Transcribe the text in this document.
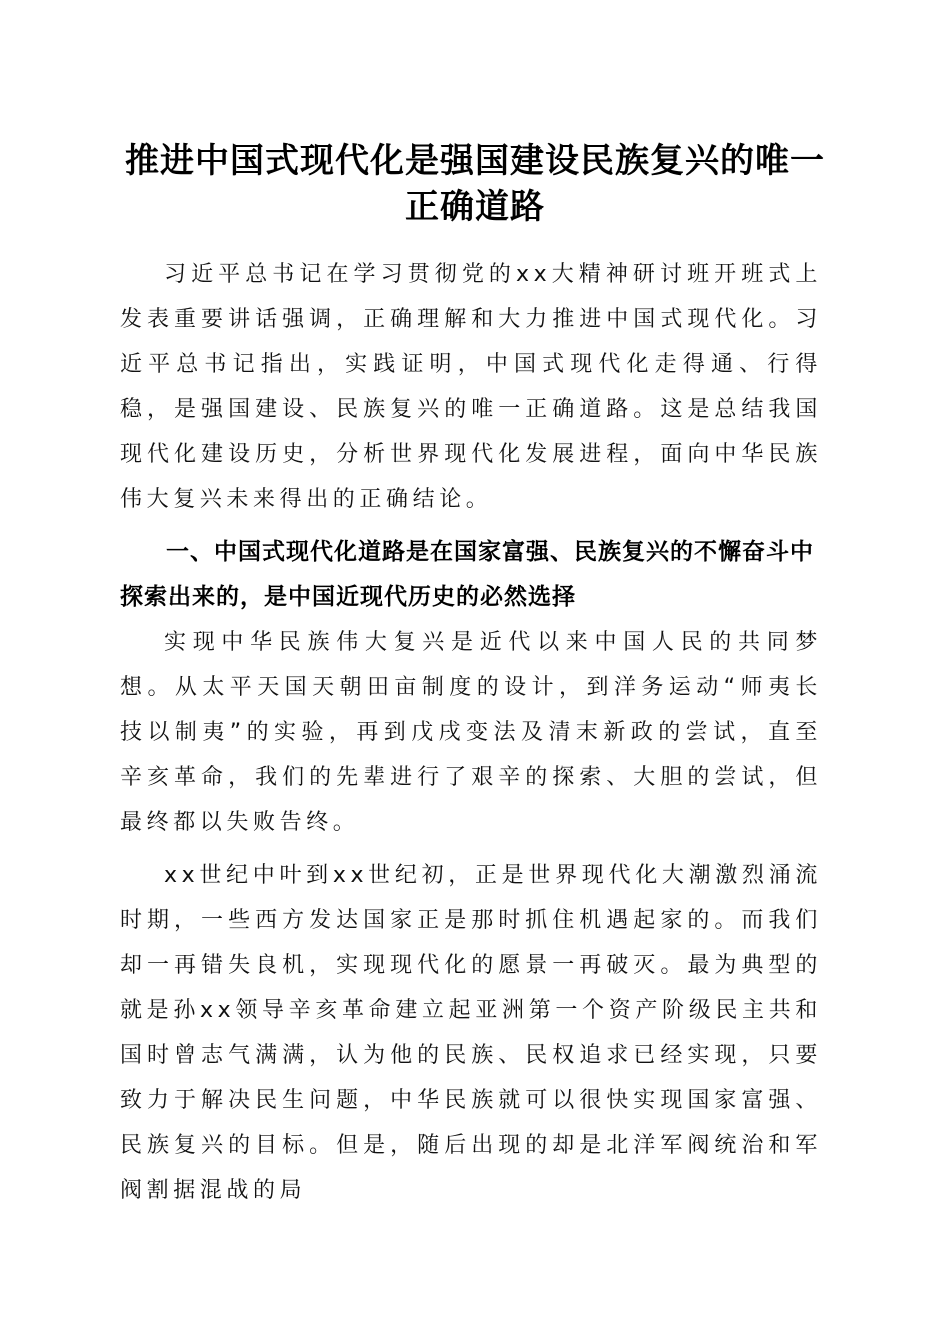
推进中国式现代化是强国建设民族复兴的唯一
正确道路

习近平总书记在学习贯彻党的xx大精神研讨班开班式上发表重要讲话强调，正确理解和大力推进中国式现代化。习近平总书记指出，实践证明，中国式现代化走得通、行得稳，是强国建设、民族复兴的唯一正确道路。这是总结我国现代化建设历史，分析世界现代化发展进程，面向中华民族伟大复兴未来得出的正确结论。

一、中国式现代化道路是在国家富强、民族复兴的不懈奋斗中探索出来的，是中国近现代历史的必然选择

实现中华民族伟大复兴是近代以来中国人民的共同梦想。从太平天国天朝田亩制度的设计，到洋务运动“师夷长技以制夷”的实验，再到戊戌变法及清末新政的尝试，直至辛亥革命，我们的先辈进行了艰辛的探索、大胆的尝试，但最终都以失败告终。

xx世纪中叶到xx世纪初，正是世界现代化大潮激烈涌流时期，一些西方发达国家正是那时抓住机遇起家的。而我们却一再错失良机，实现现代化的愿景一再破灭。最为典型的就是孙xx领导辛亥革命建立起亚洲第一个资产阶级民主共和国时曾志气满满，认为他的民族、民权追求已经实现，只要致力于解决民生问题，中华民族就可以很快实现国家富强、民族复兴的目标。但是，随后出现的却是北洋军阀统治和军阀割据混战的局
